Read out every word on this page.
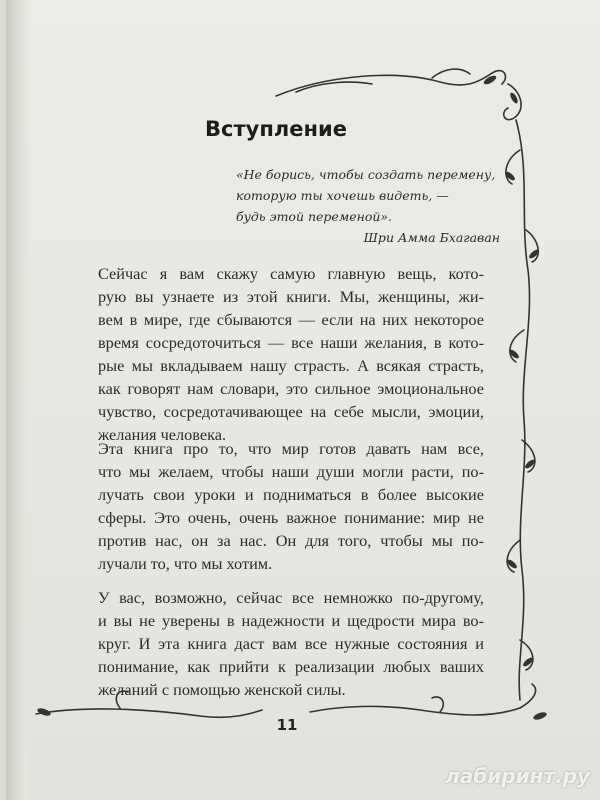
Вступление
«Не борись, чтобы создать перемену,
которую ты хочешь видеть, —
будь этой переменой».
Шри Амма Бхагаван

Сейчас я вам скажу самую главную вещь, кото-
рую вы узнаете из этой книги. Мы, женщины, жи-
вем в мире, где сбываются — если на них некоторое
время сосредоточиться — все наши желания, в кото-
рые мы вкладываем нашу страсть. А всякая страсть,
как говорят нам словари, это сильное эмоциональное
чувство, сосредотачивающее на себе мысли, эмоции,
желания человека.

Эта книга про то, что мир готов давать нам все,
что мы желаем, чтобы наши души могли расти, по-
лучать свои уроки и подниматься в более высокие
сферы. Это очень, очень важное понимание: мир не
против нас, он за нас. Он для того, чтобы мы по-
лучали то, что мы хотим.

У вас, возможно, сейчас все немножко по-другому,
и вы не уверены в надежности и щедрости мира во-
круг. И эта книга даст вам все нужные состояния и
понимание, как прийти к реализации любых ваших
желаний с помощью женской силы.

11
лабиринт.ру
